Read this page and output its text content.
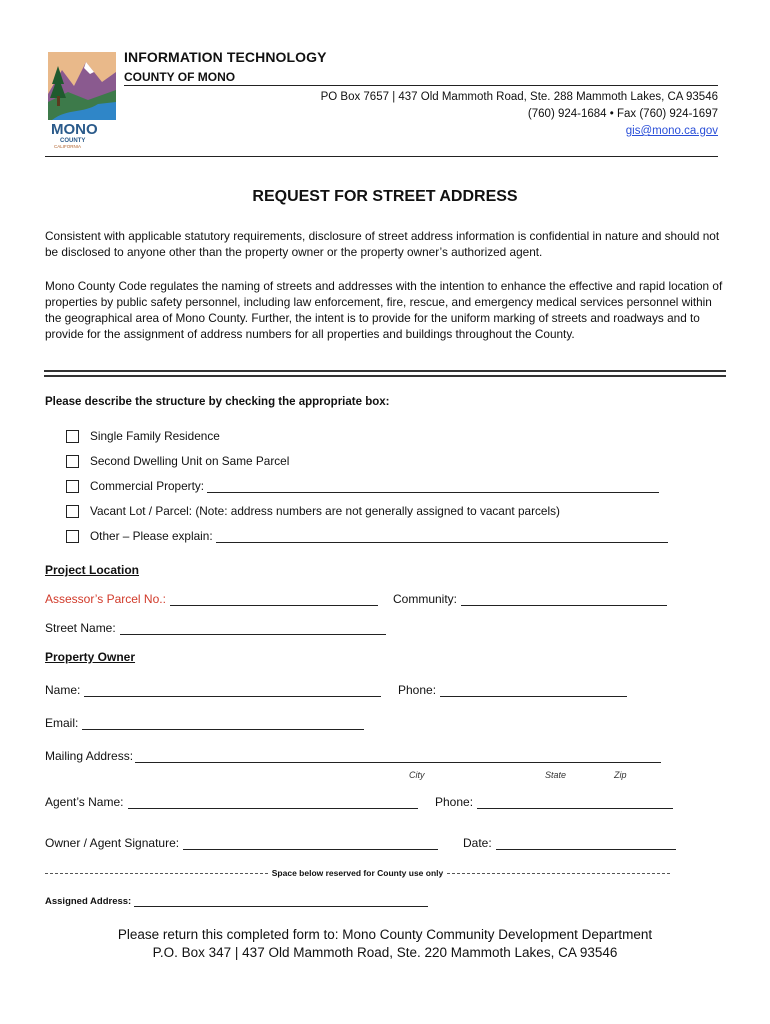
MONO
COUNTY
CALIFORNIA
INFORMATION TECHNOLOGY
COUNTY OF MONO
PO Box 7657 | 437 Old Mammoth Road, Ste. 288 Mammoth Lakes, CA 93546
(760) 924-1684 • Fax (760) 924-1697
gis@mono.ca.gov
REQUEST FOR STREET ADDRESS
Consistent with applicable statutory requirements, disclosure of street address information is confidential in nature and should not be disclosed to anyone other than the property owner or the property owner’s authorized agent.
Mono County Code regulates the naming of streets and addresses with the intention to enhance the effective and rapid location of properties by public safety personnel, including law enforcement, fire, rescue, and emergency medical services personnel within the geographical area of Mono County. Further, the intent is to provide for the uniform marking of streets and roadways and to provide for the assignment of address numbers for all properties and buildings throughout the County.
Please describe the structure by checking the appropriate box:
Single Family Residence
Second Dwelling Unit on Same Parcel
Commercial Property:
Vacant Lot / Parcel: (Note: address numbers are not generally assigned to vacant parcels)
Other – Please explain:
Project Location
Assessor’s Parcel No.:	Community:
Street Name:
Property Owner
Name:	Phone:
Email:
Mailing Address:
City	State	Zip
Agent’s Name:	Phone:
Owner / Agent Signature:	Date:
Space below reserved for County use only
Assigned Address:
Please return this completed form to: Mono County Community Development Department
P.O. Box 347 | 437 Old Mammoth Road, Ste. 220 Mammoth Lakes, CA 93546
